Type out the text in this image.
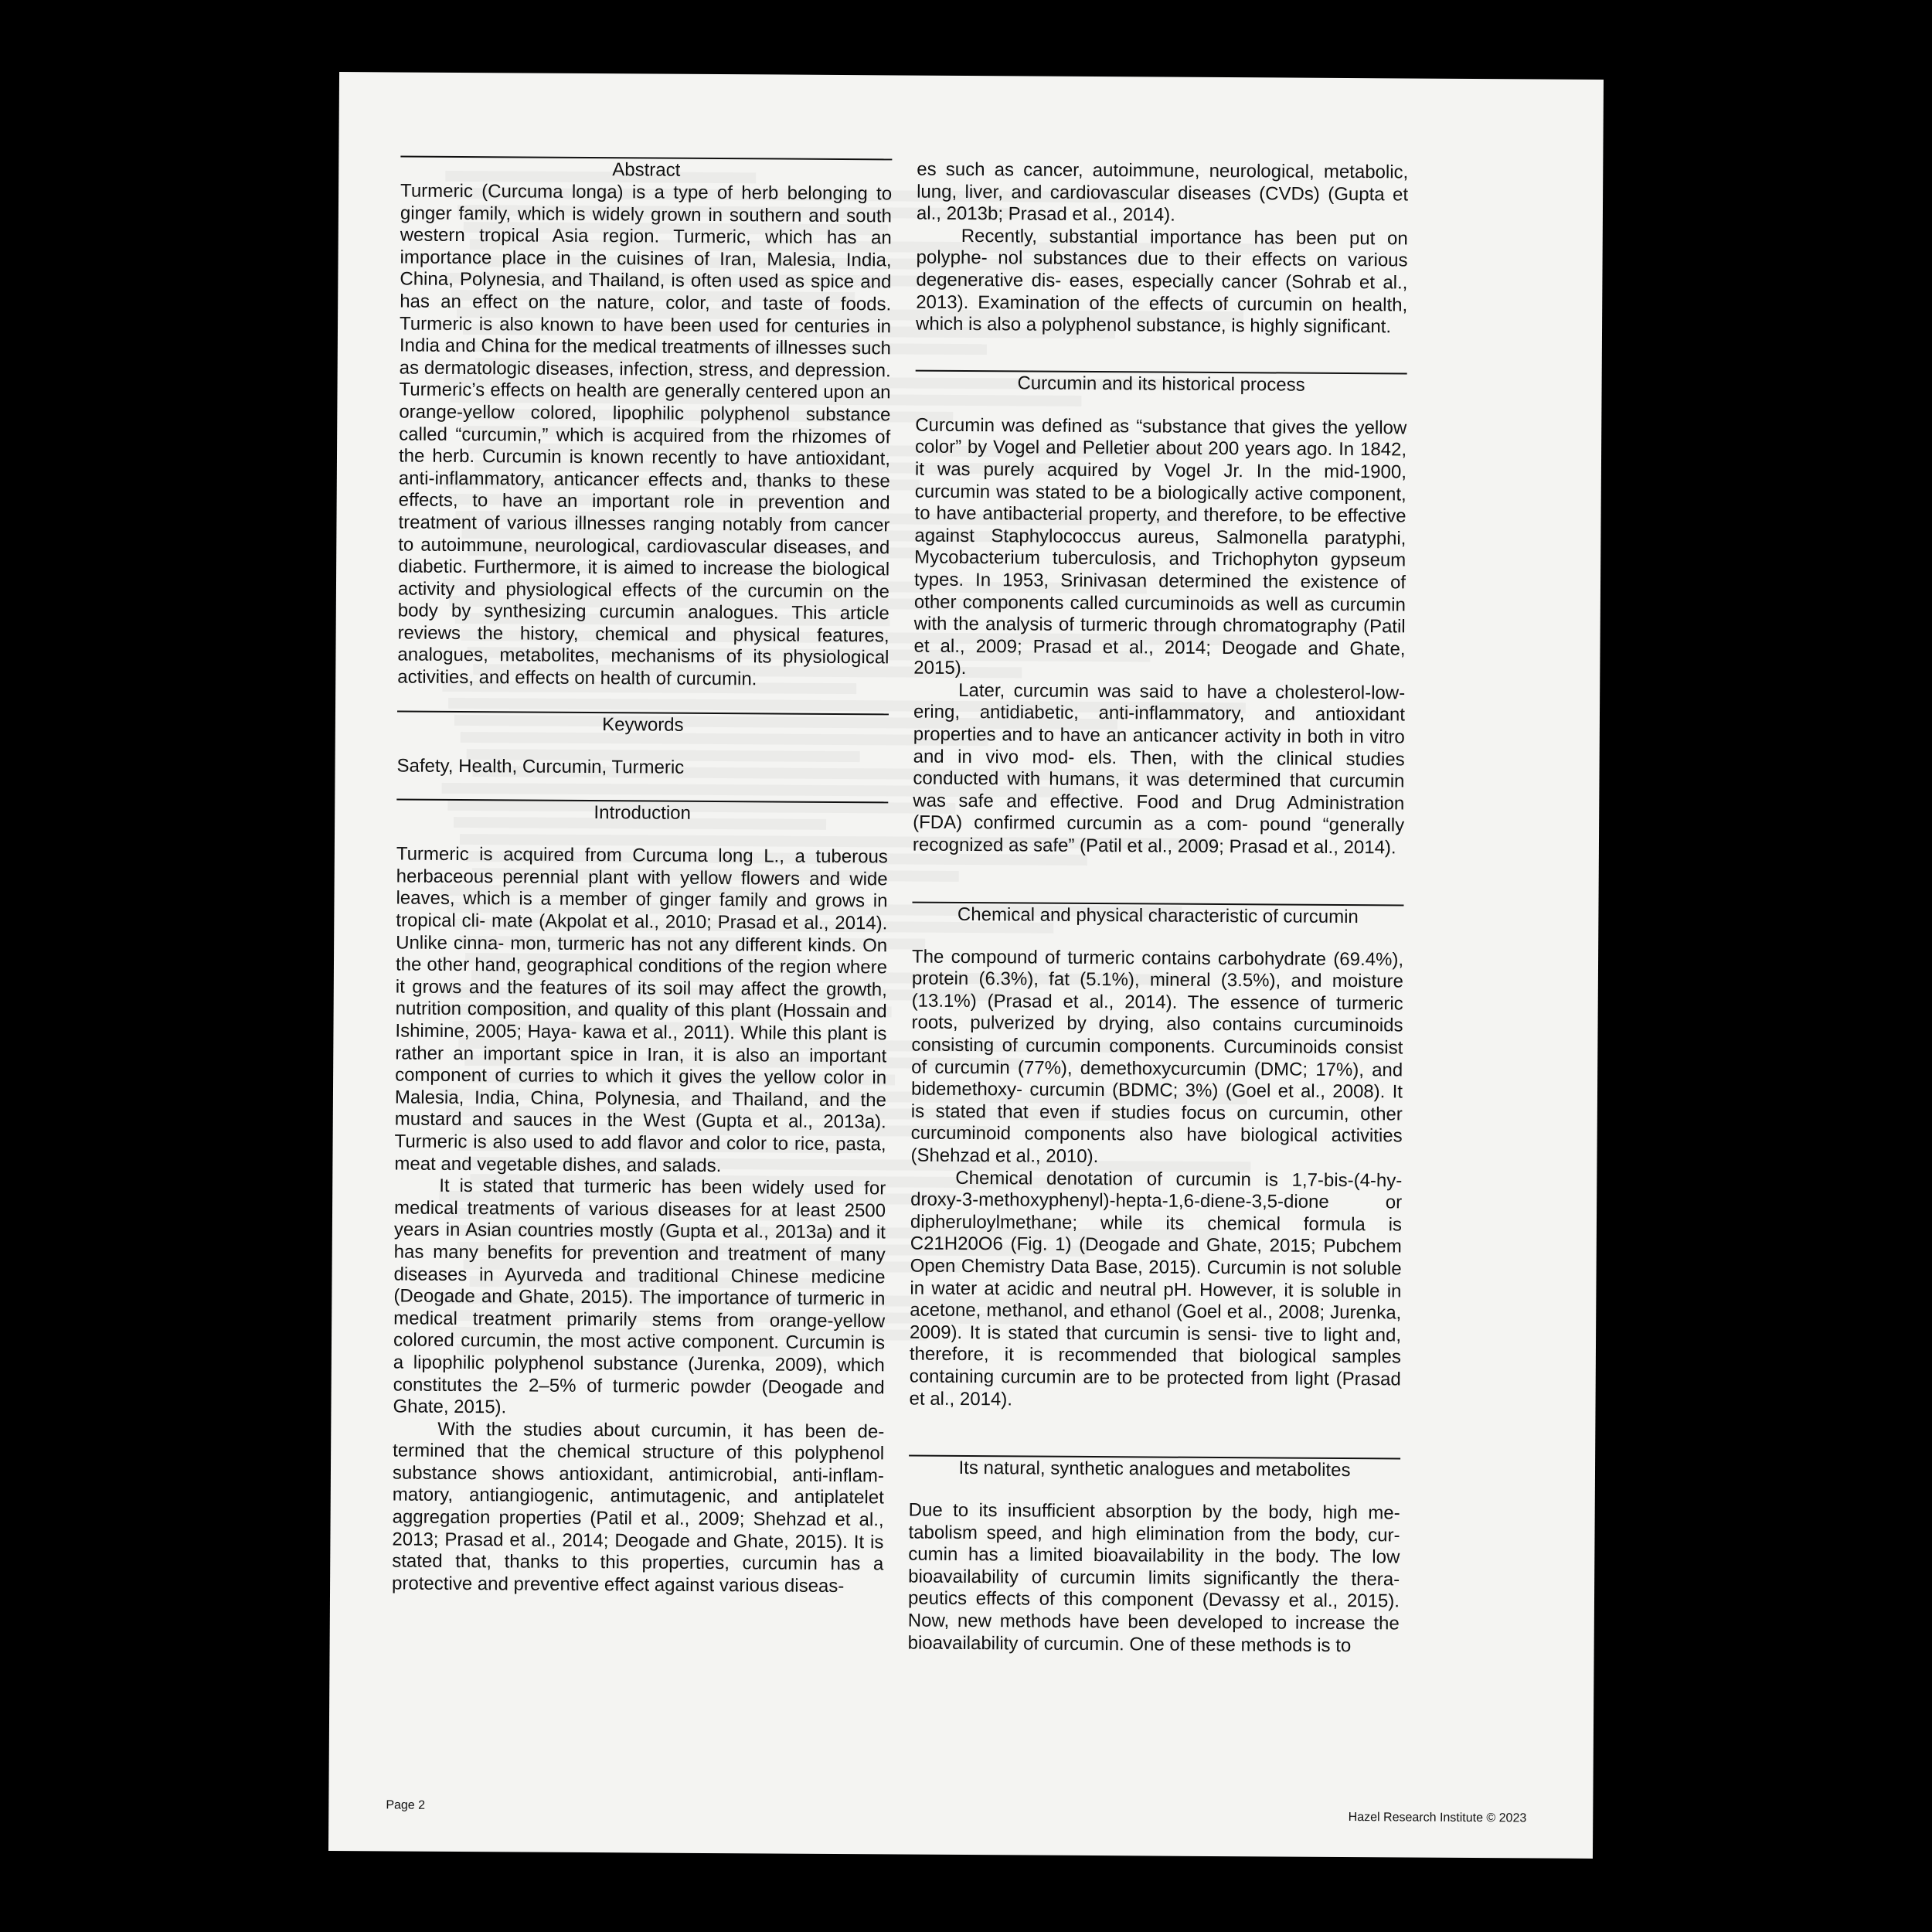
Abstract

Turmeric (Curcuma longa) is a type of herb belonging to ginger family, which is widely grown in southern and south western tropical Asia region. Turmeric, which has an importance place in the cuisines of Iran, Malesia, India, China, Polynesia, and Thailand, is often used as spice and has an effect on the nature, color, and taste of foods. Turmeric is also known to have been used for centuries in India and China for the medical treatments of illnesses such as dermatologic diseases, infection, stress, and depression. Turmeric’s effects on health are generally centered upon an orange-yellow colored, lipophilic polyphenol substance called “curcumin,” which is acquired from the rhizomes of the herb. Curcumin is known recently to have antioxidant, anti-inflammatory, anticancer effects and, thanks to these effects, to have an important role in prevention and treatment of various illnesses ranging notably from cancer to autoimmune, neurological, cardiovascular diseases, and diabetic. Furthermore, it is aimed to increase the biological activity and physiological effects of the curcumin on the body by synthesizing curcumin analogues. This article reviews the history, chemical and physical features, analogues, metabolites, mechanisms of its physiological activities, and effects on health of curcumin.

Keywords

Safety, Health, Curcumin, Turmeric

Introduction

Turmeric is acquired from Curcuma long L., a tuberous herbaceous perennial plant with yellow flowers and wide leaves, which is a member of ginger family and grows in tropical cli- mate (Akpolat et al., 2010; Prasad et al., 2014). Unlike cinna- mon, turmeric has not any different kinds. On the other hand, geographical conditions of the region where it grows and the features of its soil may affect the growth, nutrition composition, and quality of this plant (Hossain and Ishimine, 2005; Haya- kawa et al., 2011). While this plant is rather an important spice in Iran, it is also an important component of curries to which it gives the yellow color in Malesia, India, China, Polynesia, and Thailand, and the mustard and sauces in the West (Gupta et al., 2013a). Turmeric is also used to add flavor and color to rice, pasta, meat and vegetable dishes, and salads.

It is stated that turmeric has been widely used for medical treatments of various diseases for at least 2500 years in Asian countries mostly (Gupta et al., 2013a) and it has many benefits for prevention and treatment of many diseases in Ayurveda and traditional Chinese medicine (Deogade and Ghate, 2015). The importance of turmeric in medical treatment primarily stems from orange-yellow colored curcumin, the most active component. Curcumin is a lipophilic polyphenol substance (Jurenka, 2009), which constitutes the 2–5% of turmeric powder (Deogade and Ghate, 2015).

With the studies about curcumin, it has been determined that the chemical structure of this polyphenol substance shows antioxidant, antimicrobial, anti-inflammatory, antiangiogenic, antimutagenic, and antiplatelet aggregation properties (Patil et al., 2009; Shehzad et al., 2013; Prasad et al., 2014; Deogade and Ghate, 2015). It is stated that, thanks to this properties, curcumin has a protective and preventive effect against various diseas-

es such as cancer, autoimmune, neurological, metabolic, lung, liver, and cardiovascular diseases (CVDs) (Gupta et al., 2013b; Prasad et al., 2014).

Recently, substantial importance has been put on polyphe- nol substances due to their effects on various degenerative dis- eases, especially cancer (Sohrab et al., 2013). Examination of the effects of curcumin on health, which is also a polyphenol substance, is highly significant.

Curcumin and its historical process

Curcumin was defined as “substance that gives the yellow color” by Vogel and Pelletier about 200 years ago. In 1842, it was purely acquired by Vogel Jr. In the mid-1900, curcumin was stated to be a biologically active component, to have antibacterial property, and therefore, to be effective against Staphylococcus aureus, Salmonella paratyphi, Mycobacterium tuberculosis, and Trichophyton gypseum types. In 1953, Srinivasan determined the existence of other components called curcuminoids as well as curcumin with the analysis of turmeric through chromatography (Patil et al., 2009; Prasad et al., 2014; Deogade and Ghate, 2015).

Later, curcumin was said to have a cholesterol-lowering, antidiabetic, anti-inflammatory, and antioxidant properties and to have an anticancer activity in both in vitro and in vivo mod- els. Then, with the clinical studies conducted with humans, it was determined that curcumin was safe and effective. Food and Drug Administration (FDA) confirmed curcumin as a com- pound “generally recognized as safe” (Patil et al., 2009; Prasad et al., 2014).

Chemical and physical characteristic of curcumin

The compound of turmeric contains carbohydrate (69.4%), protein (6.3%), fat (5.1%), mineral (3.5%), and moisture (13.1%) (Prasad et al., 2014). The essence of turmeric roots, pulverized by drying, also contains curcuminoids consisting of curcumin components. Curcuminoids consist of curcumin (77%), demethoxycurcumin (DMC; 17%), and bidemethoxy- curcumin (BDMC; 3%) (Goel et al., 2008). It is stated that even if studies focus on curcumin, other curcuminoid components also have biological activities (Shehzad et al., 2010).

Chemical denotation of curcumin is 1,7-bis-(4-hydroxy-3-methoxyphenyl)-hepta-1,6-diene-3,5-dione or dipheruloylmethane; while its chemical formula is C21H20O6 (Fig. 1) (Deogade and Ghate, 2015; Pubchem Open Chemistry Data Base, 2015). Curcumin is not soluble in water at acidic and neutral pH. However, it is soluble in acetone, methanol, and ethanol (Goel et al., 2008; Jurenka, 2009). It is stated that curcumin is sensi- tive to light and, therefore, it is recommended that biological samples containing curcumin are to be protected from light (Prasad et al., 2014).

Its natural, synthetic analogues and metabolites

Due to its insufficient absorption by the body, high metabolism speed, and high elimination from the body, curcumin has a limited bioavailability in the body. The low bioavailability of curcumin limits significantly the therapeutics effects of this component (Devassy et al., 2015). Now, new methods have been developed to increase the bioavailability of curcumin. One of these methods is to

Page 2
Hazel Research Institute © 2023
